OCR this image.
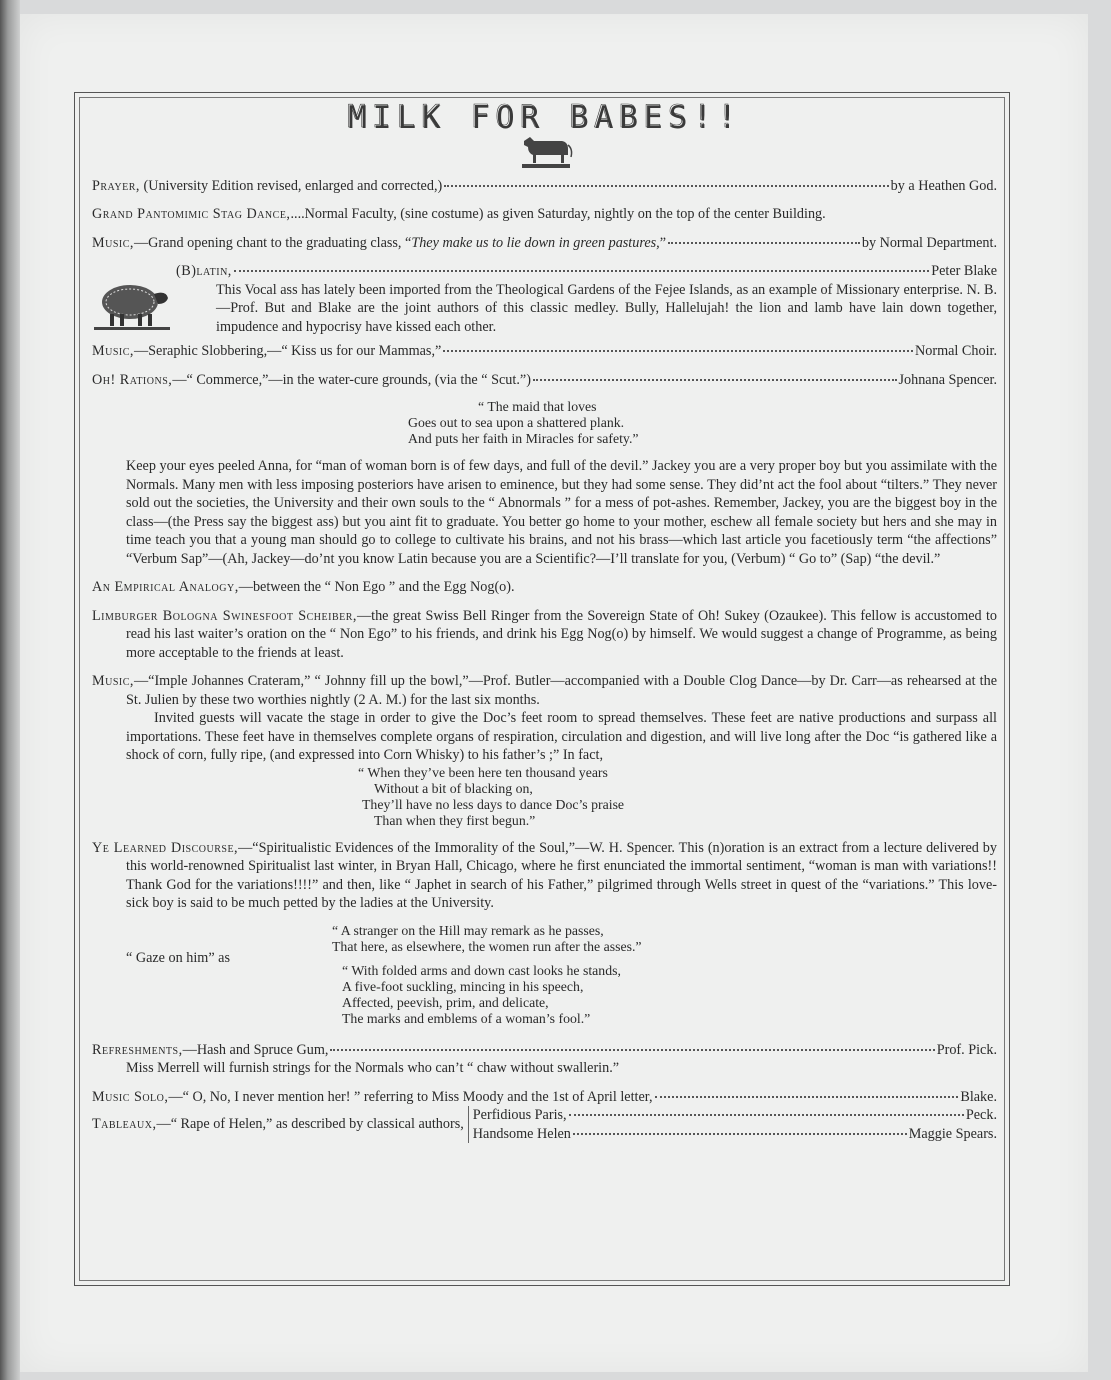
MILK FOR BABES!!
Prayer, (University Edition revised, enlarged and corrected,)	by a Heathen God.
Grand Pantomimic Stag Dance,....Normal Faculty, (sine costume) as given Saturday, nightly on the top of the center Building.
Music,—Grand opening chant to the graduating class, “They make us to lie down in green pastures,”	by Normal Department.
(B)latin,	Peter Blake
This Vocal ass has lately been imported from the Theological Gardens of the Fejee Islands, as an example of Missionary enterprise. N. B.—Prof. But and Blake are the joint authors of this classic medley. Bully, Hallelujah! the lion and lamb have lain down together, impudence and hypocrisy have kissed each other.
Music,—Seraphic Slobbering,—“ Kiss us for our Mammas,”	Normal Choir.
Oh! Rations,—“ Commerce,”—in the water-cure grounds, (via the “ Scut.”)	Johnana Spencer.
“ The maid that loves
Goes out to sea upon a shattered plank.
And puts her faith in Miracles for safety.”
Keep your eyes peeled Anna, for “man of woman born is of few days, and full of the devil.” Jackey you are a very proper boy but you assimilate with the Normals. Many men with less imposing posteriors have arisen to eminence, but they had some sense. They did’nt act the fool about “tilters.” They never sold out the societies, the University and their own souls to the “ Abnormals ” for a mess of pot-ashes. Remember, Jackey, you are the biggest boy in the class—(the Press say the biggest ass) but you aint fit to graduate. You better go home to your mother, eschew all female society but hers and she may in time teach you that a young man should go to college to cultivate his brains, and not his brass—which last article you facetiously term “the affections” “Verbum Sap”—(Ah, Jackey—do’nt you know Latin because you are a Scientific?—I’ll translate for you, (Verbum) “ Go to” (Sap) “the devil.”
An Empirical Analogy,—between the “ Non Ego ” and the Egg Nog(o).
Limburger Bologna Swinesfoot Scheiber,—the great Swiss Bell Ringer from the Sovereign State of Oh! Sukey (Ozaukee). This fellow is accustomed to read his last waiter’s oration on the “ Non Ego” to his friends, and drink his Egg Nog(o) by himself. We would suggest a change of Programme, as being more acceptable to the friends at least.
Music,—“Imple Johannes Crateram,” “ Johnny fill up the bowl,”—Prof. Butler—accompanied with a Double Clog Dance—by Dr. Carr—as rehearsed at the St. Julien by these two worthies nightly (2 A. M.) for the last six months.
Invited guests will vacate the stage in order to give the Doc’s feet room to spread themselves. These feet are native productions and surpass all importations. These feet have in themselves complete organs of respiration, circulation and digestion, and will live long after the Doc “is gathered like a shock of corn, fully ripe, (and expressed into Corn Whisky) to his father’s ;” In fact,
“ When they’ve been here ten thousand years
Without a bit of blacking on,
They’ll have no less days to dance Doc’s praise
Than when they first begun.”
Ye Learned Discourse,—“Spiritualistic Evidences of the Immorality of the Soul,”—W. H. Spencer. This (n)oration is an extract from a lecture delivered by this world-renowned Spiritualist last winter, in Bryan Hall, Chicago, where he first enunciated the immortal sentiment, “woman is man with variations!! Thank God for the variations!!!!” and then, like “ Japhet in search of his Father,” pilgrimed through Wells street in quest of the “variations.” This love-sick boy is said to be much petted by the ladies at the University.
“ Gaze on him” as
“ A stranger on the Hill may remark as he passes,
That here, as elsewhere, the women run after the asses.”
“ With folded arms and down cast looks he stands,
A five-foot suckling, mincing in his speech,
Affected, peevish, prim, and delicate,
The marks and emblems of a woman’s fool.”
Refreshments,—Hash and Spruce Gum,	Prof. Pick.
Miss Merrell will furnish strings for the Normals who can’t “ chaw without swallerin.”
Music Solo,—“ O, No, I never mention her! ” referring to Miss Moody and the 1st of April letter,	Blake.
Tableaux,—“ Rape of Helen,” as described by classical authors,
Perfidious Paris,	Peck.
Handsome Helen	Maggie Spears.
